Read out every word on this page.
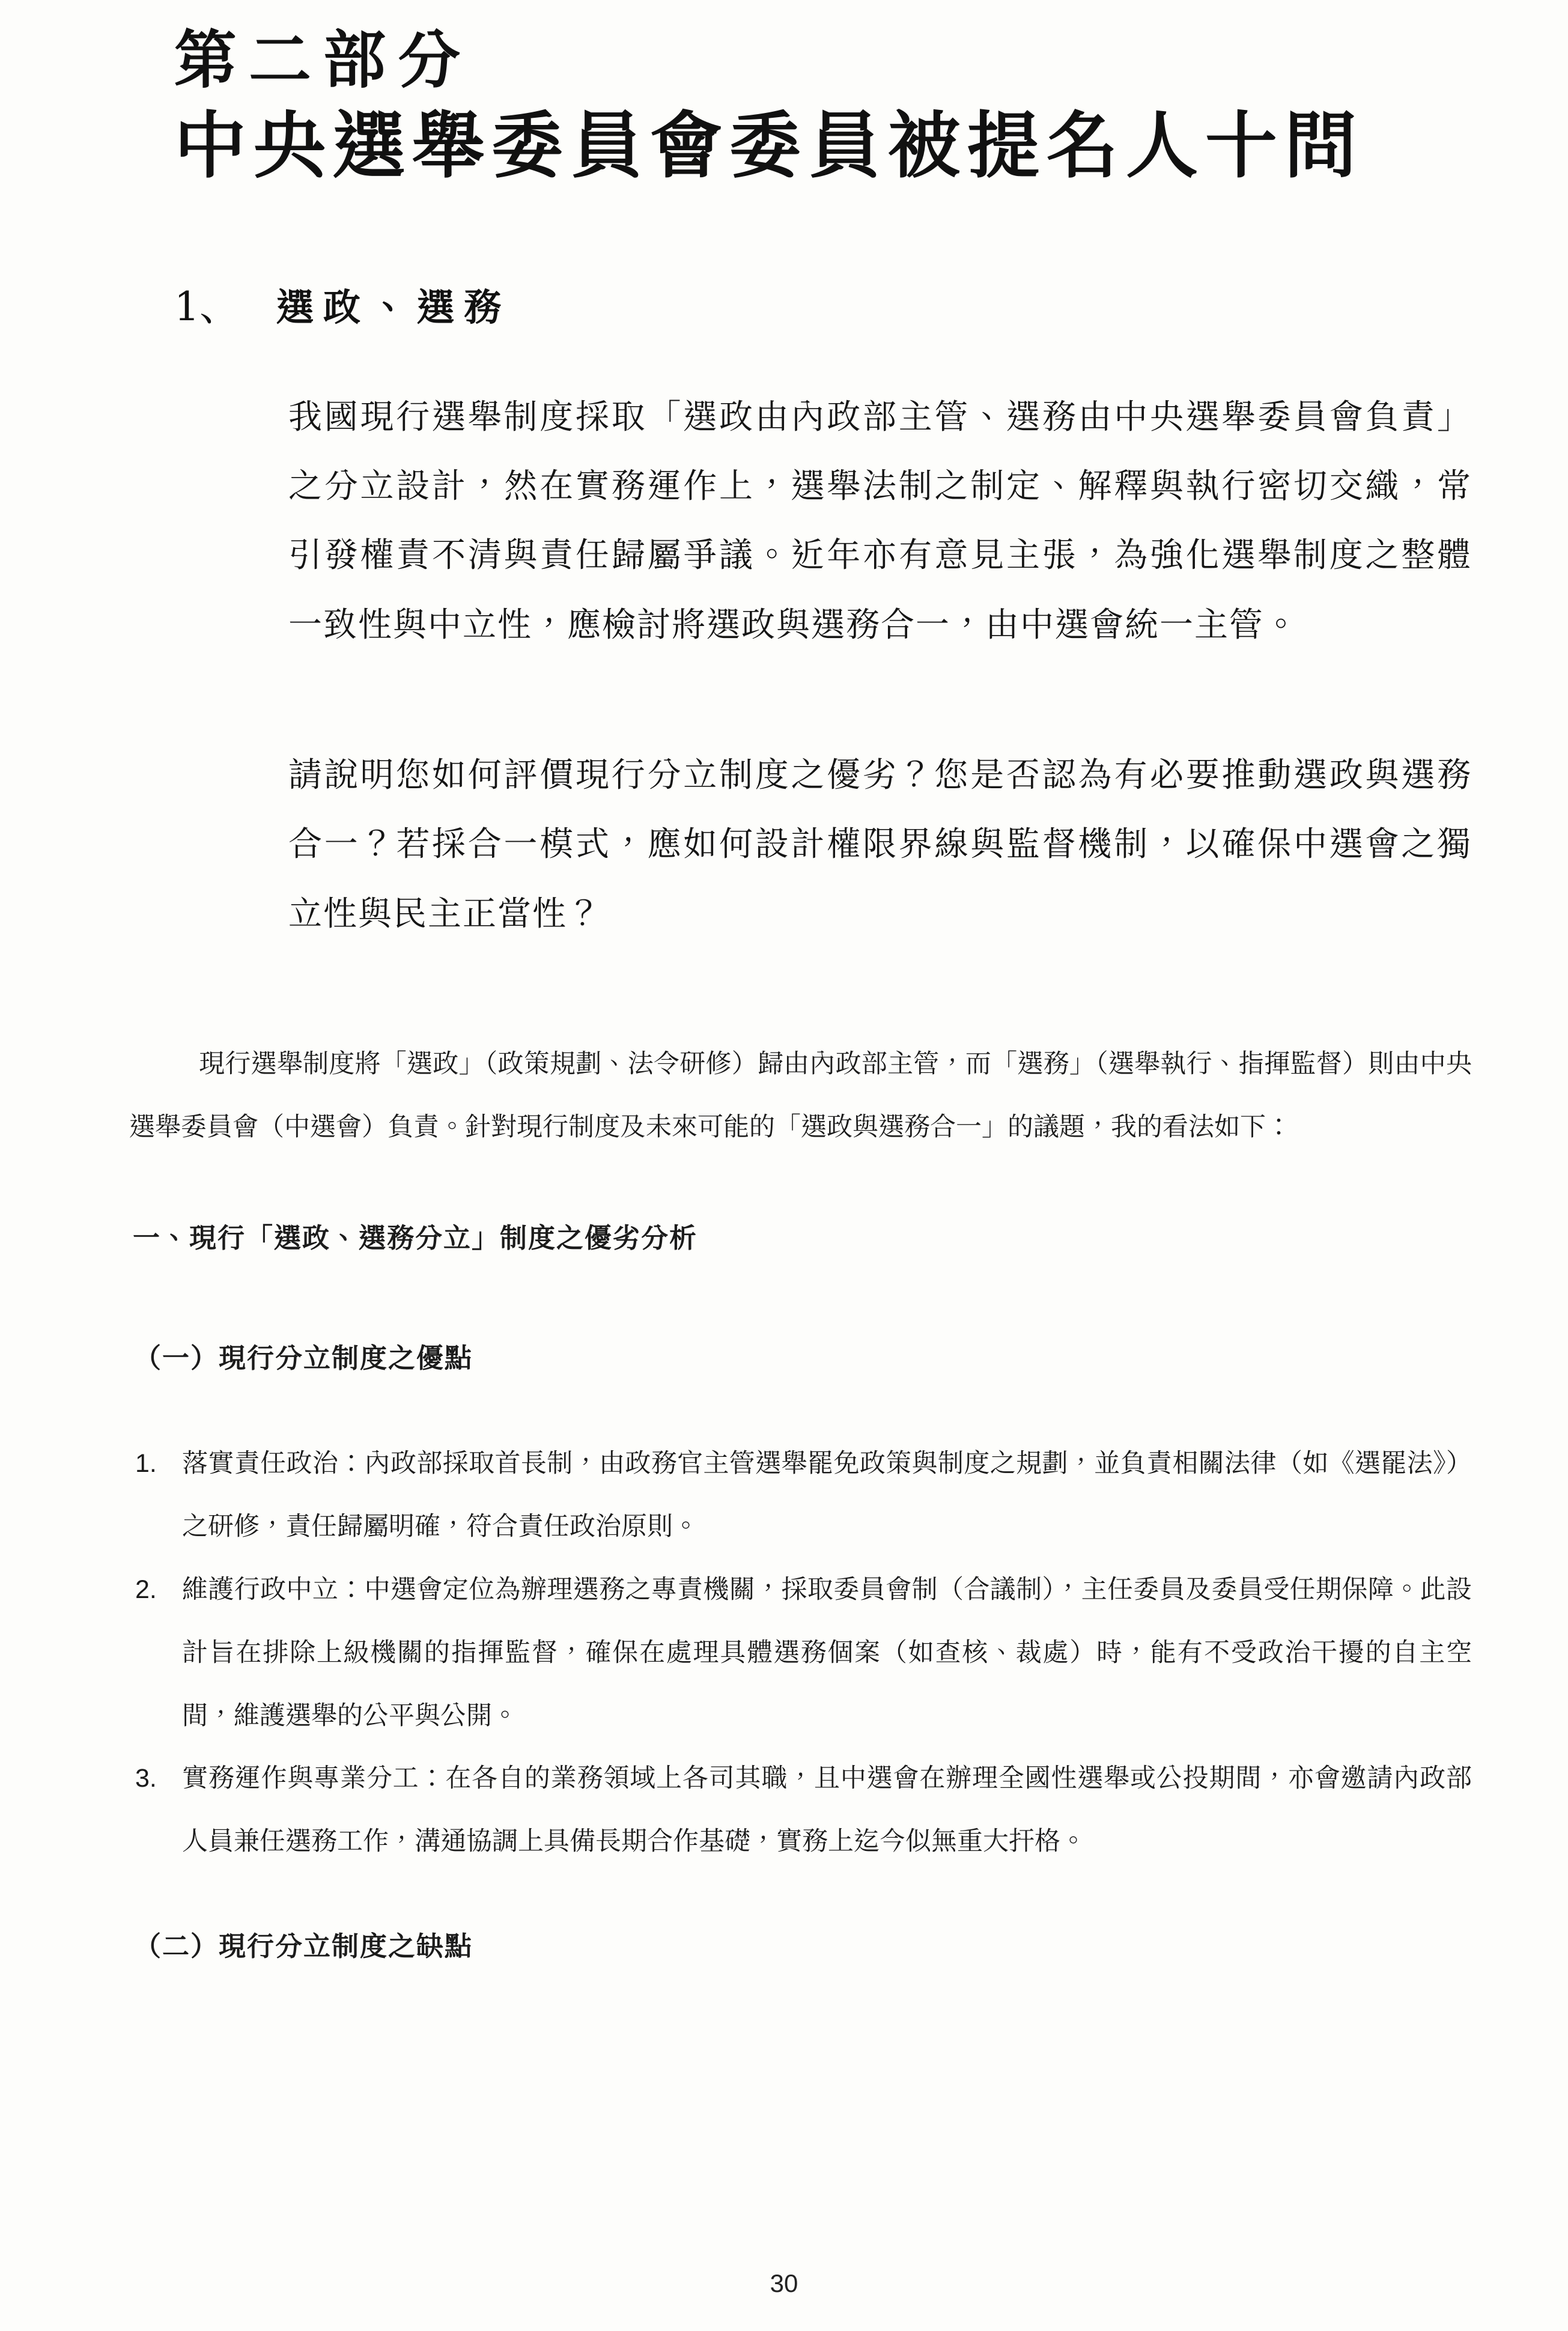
第二部分
中央選舉委員會委員被提名人十問
1、	選政、選務

我國現行選舉制度採取「選政由內政部主管、選務由中央選舉委員會負責」之分立設計，然在實務運作上，選舉法制之制定、解釋與執行密切交織，常引發權責不清與責任歸屬爭議。近年亦有意見主張，為強化選舉制度之整體一致性與中立性，應檢討將選政與選務合一，由中選會統一主管。

請說明您如何評價現行分立制度之優劣？您是否認為有必要推動選政與選務合一？若採合一模式，應如何設計權限界線與監督機制，以確保中選會之獨立性與民主正當性？

現行選舉制度將「選政」（政策規劃、法令研修）歸由內政部主管，而「選務」（選舉執行、指揮監督）則由中央選舉委員會（中選會）負責。針對現行制度及未來可能的「選政與選務合一」的議題，我的看法如下：

一、現行「選政、選務分立」制度之優劣分析
（一）現行分立制度之優點
1. 落實責任政治：內政部採取首長制，由政務官主管選舉罷免政策與制度之規劃，並負責相關法律（如《選罷法》）之研修，責任歸屬明確，符合責任政治原則。
2. 維護行政中立：中選會定位為辦理選務之專責機關，採取委員會制（合議制），主任委員及委員受任期保障。此設計旨在排除上級機關的指揮監督，確保在處理具體選務個案（如查核、裁處）時，能有不受政治干擾的自主空間，維護選舉的公平與公開。
3. 實務運作與專業分工：在各自的業務領域上各司其職，且中選會在辦理全國性選舉或公投期間，亦會邀請內政部人員兼任選務工作，溝通協調上具備長期合作基礎，實務上迄今似無重大扞格。
（二）現行分立制度之缺點
30
